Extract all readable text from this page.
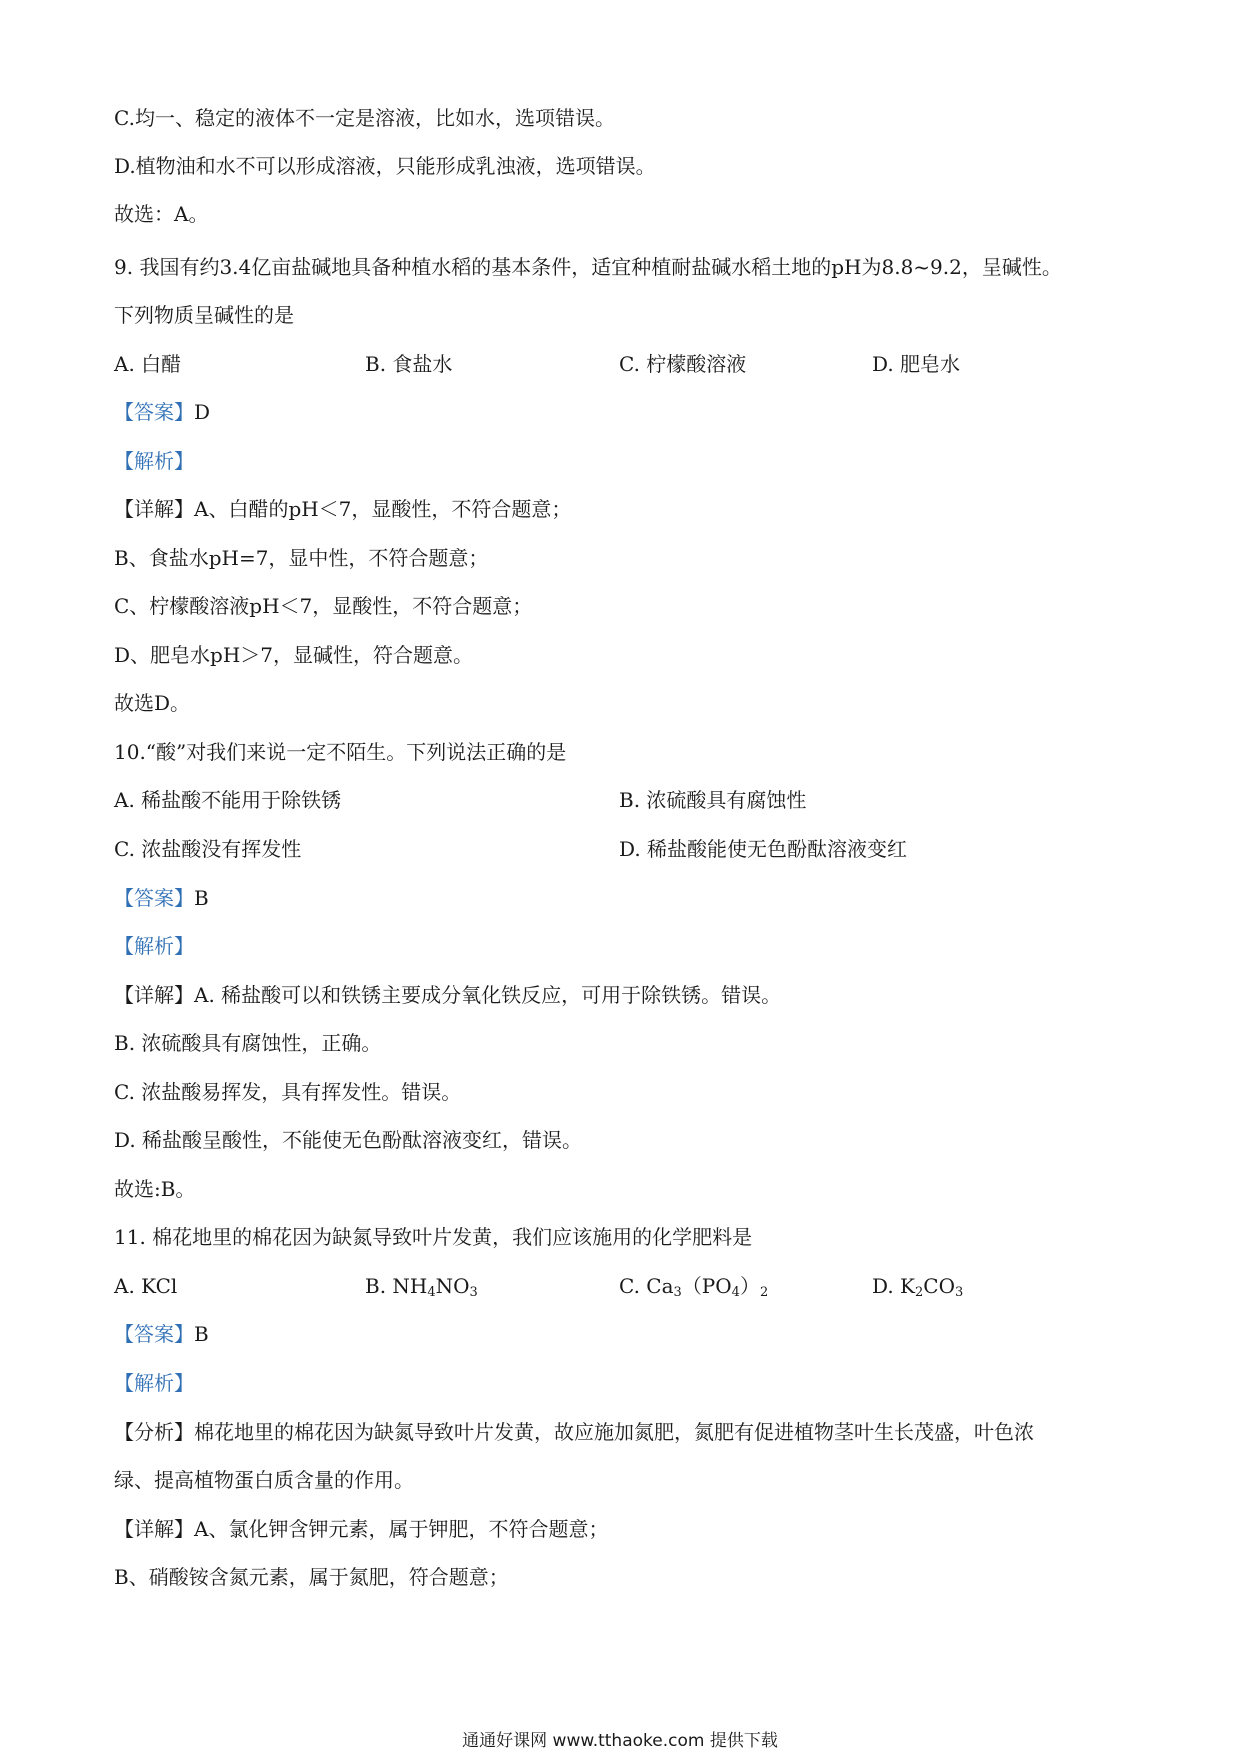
C.均一、稳定的液体不一定是溶液，比如水，选项错误。
D.植物油和水不可以形成溶液，只能形成乳浊液，选项错误。
故选：A。
9. 我国有约3.4亿亩盐碱地具备种植水稻的基本条件，适宜种植耐盐碱水稻土地的pH为8.8~9.2，呈碱性。
下列物质呈碱性的是
A. 白醋	B. 食盐水	C. 柠檬酸溶液	D. 肥皂水
【答案】D
【解析】
【详解】A、白醋的pH＜7，显酸性，不符合题意；
B、食盐水pH=7，显中性，不符合题意；
C、柠檬酸溶液pH＜7，显酸性，不符合题意；
D、肥皂水pH＞7，显碱性，符合题意。
故选D。
10.“酸”对我们来说一定不陌生。下列说法正确的是
A. 稀盐酸不能用于除铁锈	B. 浓硫酸具有腐蚀性
C. 浓盐酸没有挥发性	D. 稀盐酸能使无色酚酞溶液变红
【答案】B
【解析】
【详解】A. 稀盐酸可以和铁锈主要成分氧化铁反应，可用于除铁锈。错误。
B. 浓硫酸具有腐蚀性，正确。
C. 浓盐酸易挥发，具有挥发性。错误。
D. 稀盐酸呈酸性，不能使无色酚酞溶液变红，错误。
故选:B。
11. 棉花地里的棉花因为缺氮导致叶片发黄，我们应该施用的化学肥料是
A. KCl	B. $NH_4NO_3$	C. $Ca_3(PO_4)_2$	D. $K_2CO_3$
【答案】B
【解析】
【分析】棉花地里的棉花因为缺氮导致叶片发黄，故应施加氮肥，氮肥有促进植物茎叶生长茂盛，叶色浓
绿、提高植物蛋白质含量的作用。
【详解】A、氯化钾含钾元素，属于钾肥，不符合题意；
B、硝酸铵含氮元素，属于氮肥，符合题意；
通通好课网 www.tthaoke.com 提供下载
